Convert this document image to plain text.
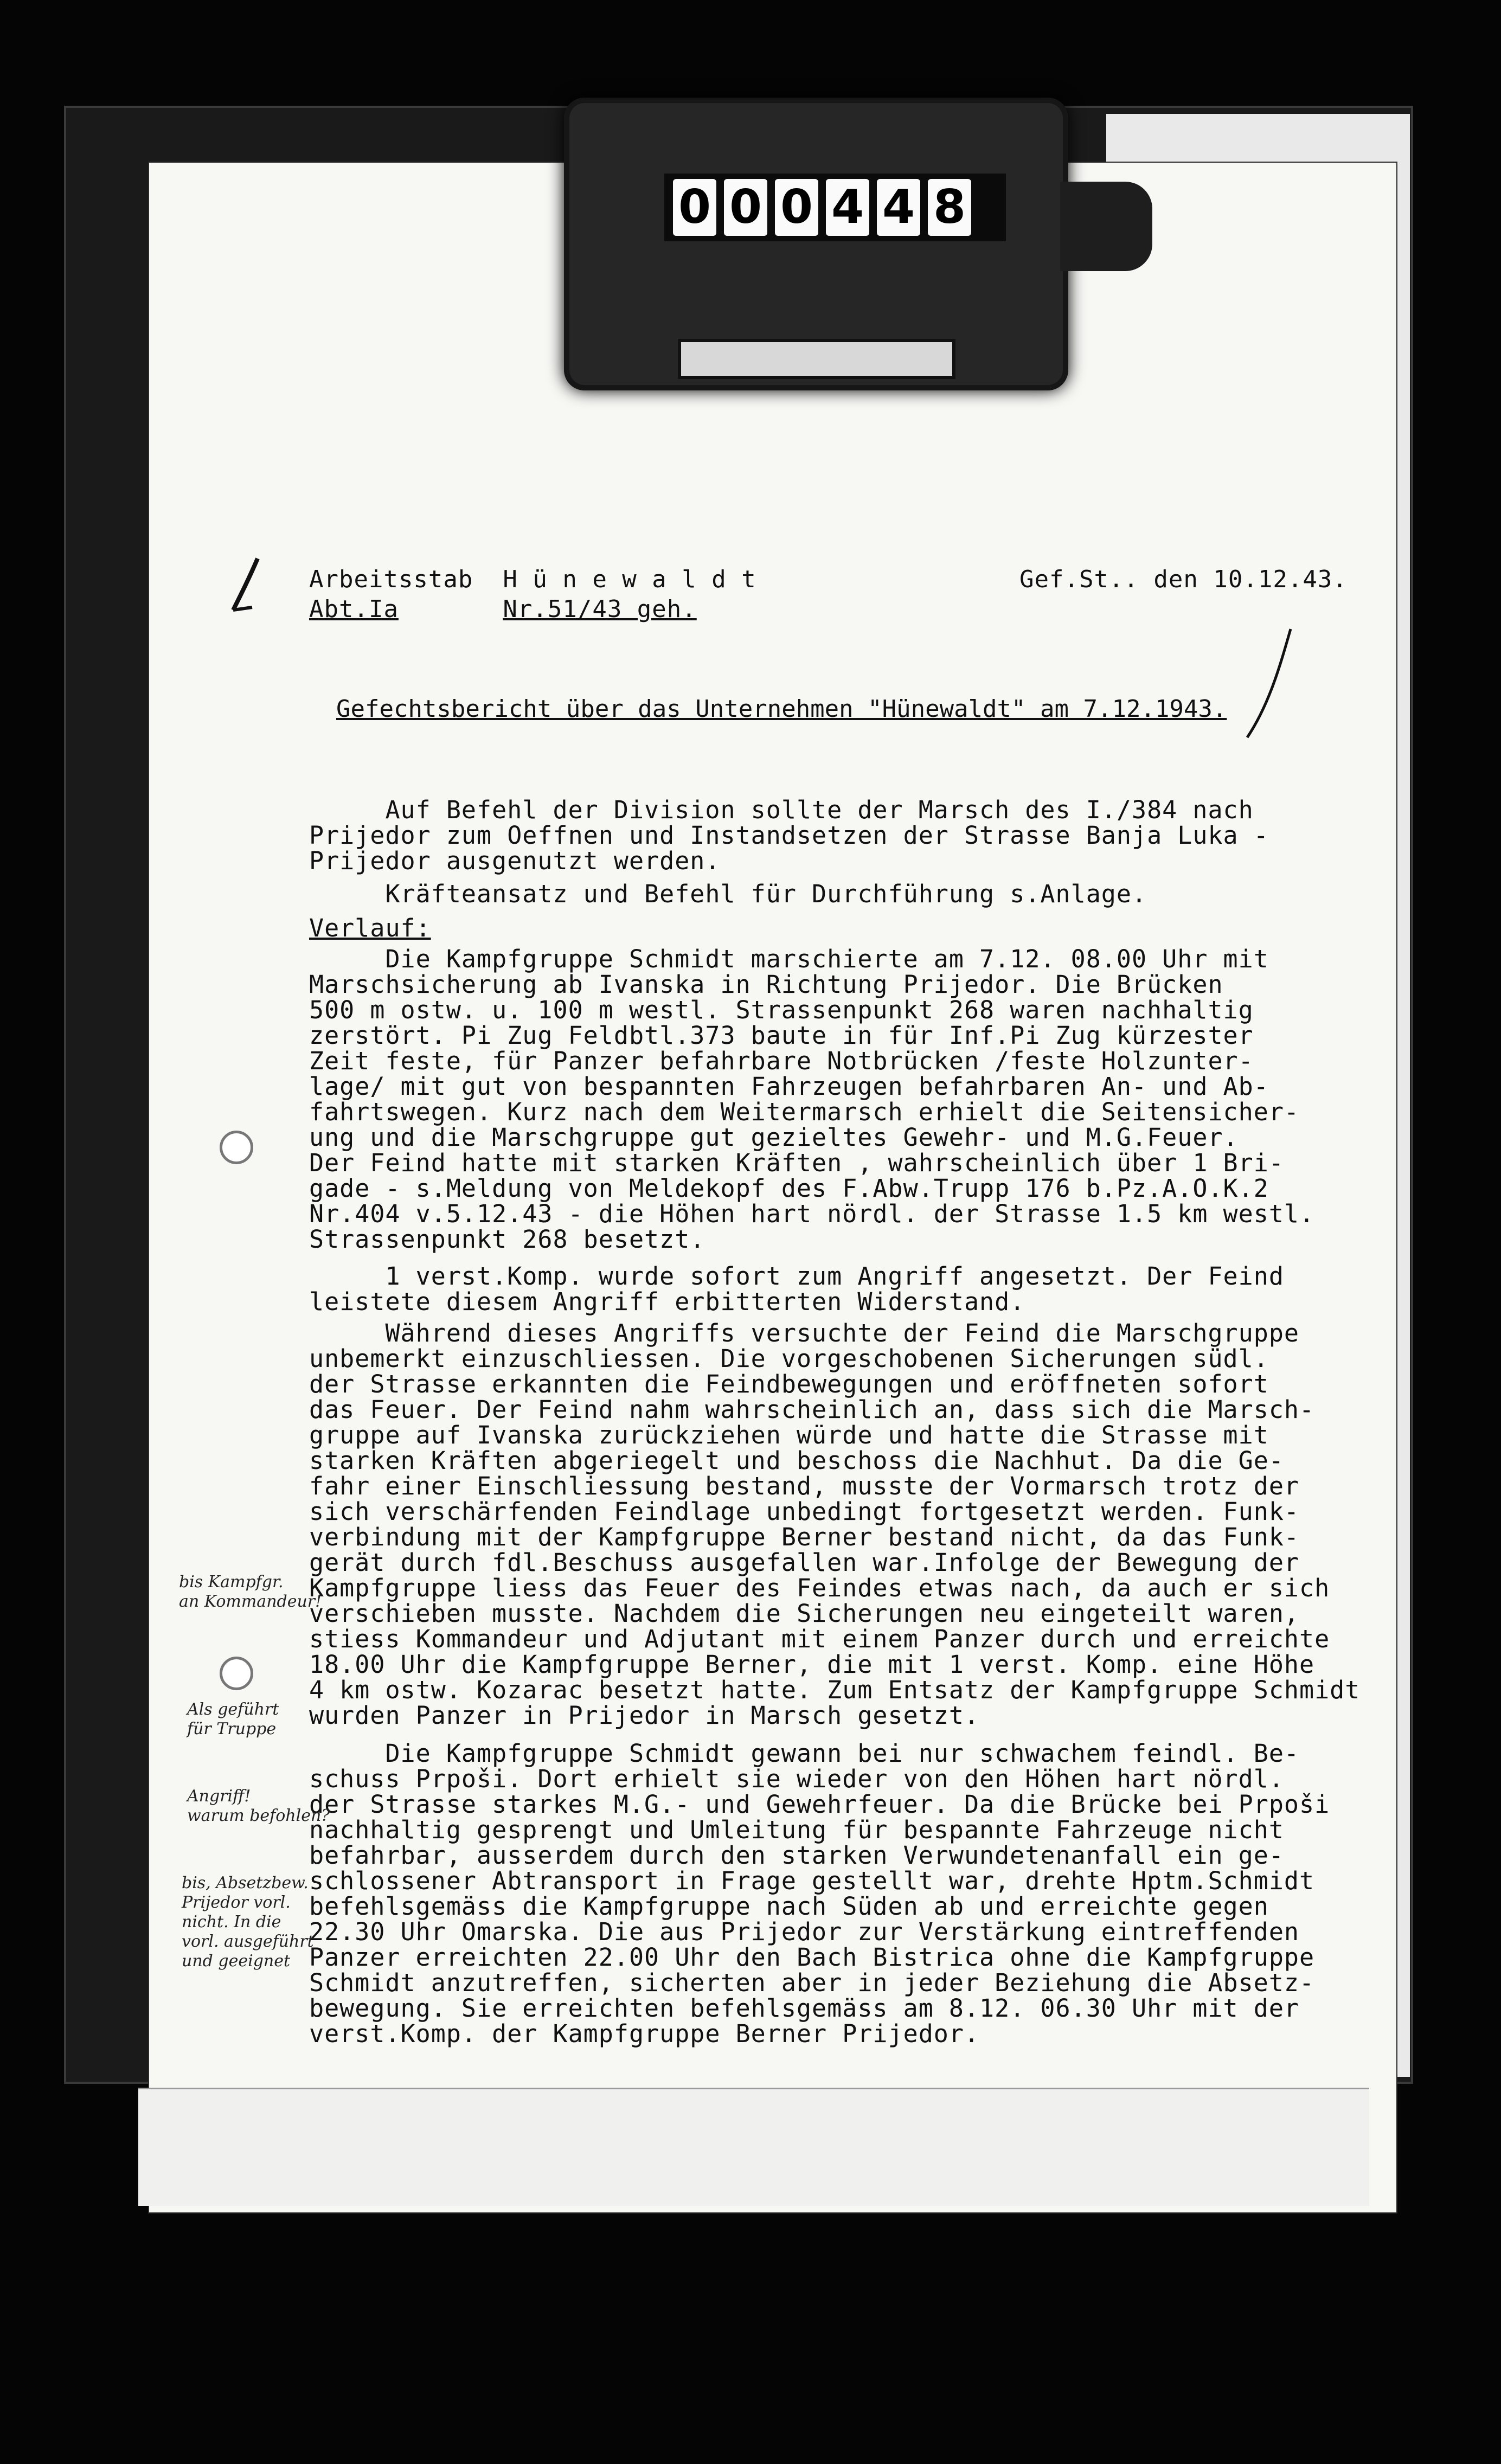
0 0 0 4 4 8
Arbeitsstab  H ü n e w a l d t
Abt.Ia	Nr.51/43 geh.
Gef.St.. den 10.12.43.
Gefechtsbericht über das Unternehmen "Hünewaldt" am 7.12.1943.
Auf Befehl der Division sollte der Marsch des I./384 nach
Prijedor zum Oeffnen und Instandsetzen der Strasse Banja Luka -
Prijedor ausgenutzt werden.
Kräfteansatz und Befehl für Durchführung s.Anlage.
Verlauf:
Die Kampfgruppe Schmidt marschierte am 7.12. 08.00 Uhr mit
Marschsicherung ab Ivanska in Richtung Prijedor. Die Brücken
500 m ostw. u. 100 m westl. Strassenpunkt 268 waren nachhaltig
zerstört. Pi Zug Feldbtl.373 baute in für Inf.Pi Zug kürzester
Zeit feste, für Panzer befahrbare Notbrücken /feste Holzunter-
lage/ mit gut von bespannten Fahrzeugen befahrbaren An- und Ab-
fahrtswegen. Kurz nach dem Weitermarsch erhielt die Seitensicher-
ung und die Marschgruppe gut gezieltes Gewehr- und M.G.Feuer.
Der Feind hatte mit starken Kräften , wahrscheinlich über 1 Bri-
gade - s.Meldung von Meldekopf des F.Abw.Trupp 176 b.Pz.A.O.K.2
Nr.404 v.5.12.43 - die Höhen hart nördl. der Strasse 1.5 km westl.
Strassenpunkt 268 besetzt.
1 verst.Komp. wurde sofort zum Angriff angesetzt. Der Feind
leistete diesem Angriff erbitterten Widerstand.
Während dieses Angriffs versuchte der Feind die Marschgruppe
unbemerkt einzuschliessen. Die vorgeschobenen Sicherungen südl.
der Strasse erkannten die Feindbewegungen und eröffneten sofort
das Feuer. Der Feind nahm wahrscheinlich an, dass sich die Marsch-
gruppe auf Ivanska zurückziehen würde und hatte die Strasse mit
starken Kräften abgeriegelt und beschoss die Nachhut. Da die Ge-
fahr einer Einschliessung bestand, musste der Vormarsch trotz der
sich verschärfenden Feindlage unbedingt fortgesetzt werden. Funk-
verbindung mit der Kampfgruppe Berner bestand nicht, da das Funk-
gerät durch fdl.Beschuss ausgefallen war.Infolge der Bewegung der
Kampfgruppe liess das Feuer des Feindes etwas nach, da auch er sich
verschieben musste. Nachdem die Sicherungen neu eingeteilt waren,
stiess Kommandeur und Adjutant mit einem Panzer durch und erreichte
18.00 Uhr die Kampfgruppe Berner, die mit 1 verst. Komp. eine Höhe
4 km ostw. Kozarac besetzt hatte. Zum Entsatz der Kampfgruppe Schmidt
wurden Panzer in Prijedor in Marsch gesetzt.
Die Kampfgruppe Schmidt gewann bei nur schwachem feindl. Be-
schuss Prpoši. Dort erhielt sie wieder von den Höhen hart nördl.
der Strasse starkes M.G.- und Gewehrfeuer. Da die Brücke bei Prpoši
nachhaltig gesprengt und Umleitung für bespannte Fahrzeuge nicht
befahrbar, ausserdem durch den starken Verwundetenanfall ein ge-
schlossener Abtransport in Frage gestellt war, drehte Hptm.Schmidt
befehlsgemäss die Kampfgruppe nach Süden ab und erreichte gegen
22.30 Uhr Omarska. Die aus Prijedor zur Verstärkung eintreffenden
Panzer erreichten 22.00 Uhr den Bach Bistrica ohne die Kampfgruppe
Schmidt anzutreffen, sicherten aber in jeder Beziehung die Absetz-
bewegung. Sie erreichten befehlsgemäss am 8.12. 06.30 Uhr mit der
verst.Komp. der Kampfgruppe Berner Prijedor.
bis Kampfgr.
an Kommandeur!
Als geführt
für Truppe
Angriff!
warum befohlen?
bis, Absetzbew.
Prijedor vorl.
nicht. In die
vorl. ausgeführt
und geeignet
